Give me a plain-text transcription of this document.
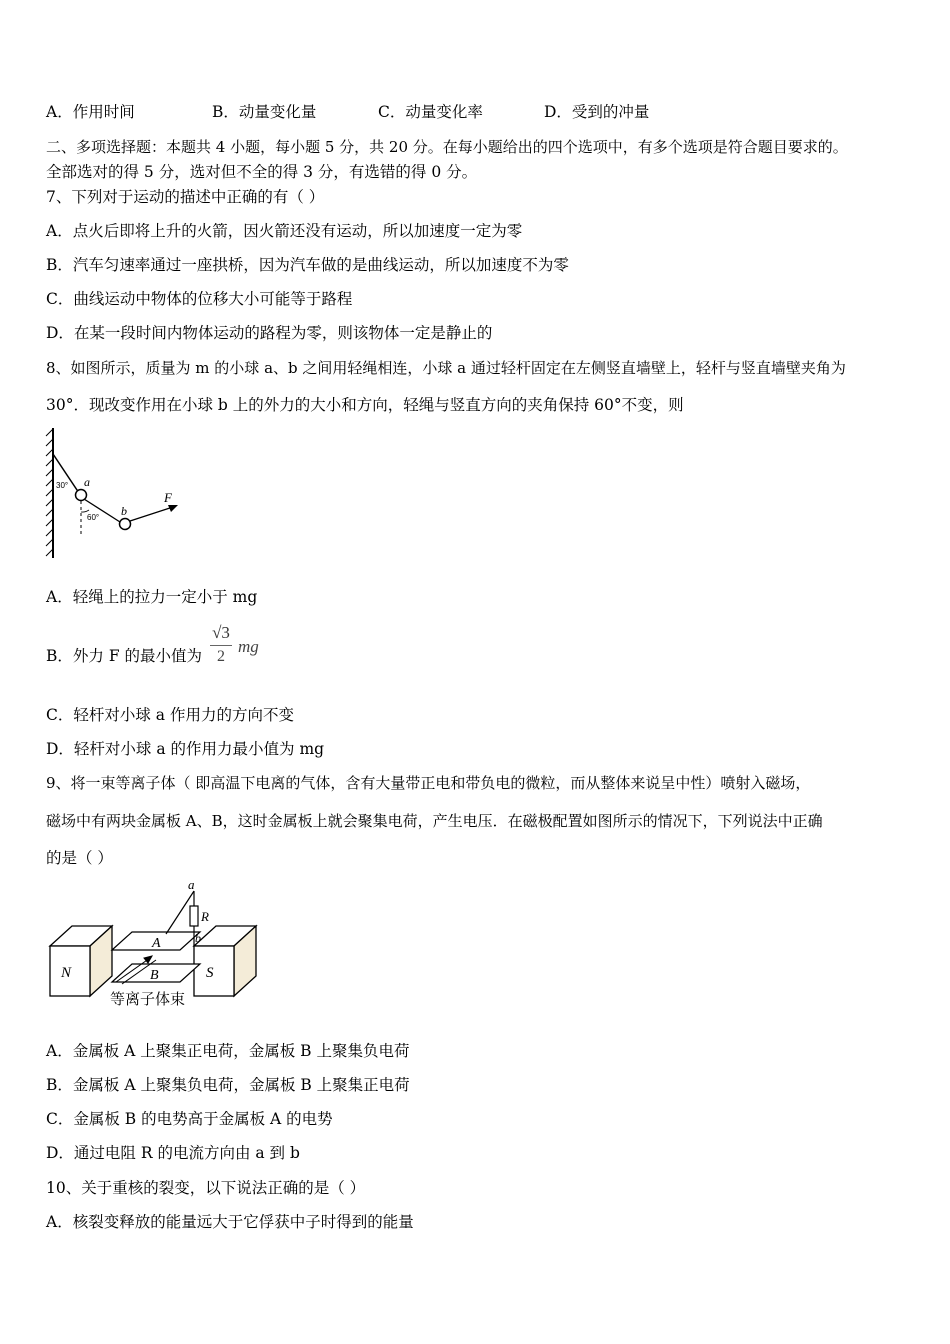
A．作用时间	B．动量变化量	C．动量变化率	D．受到的冲量
二、多项选择题：本题共 4 小题，每小题 5 分，共 20 分。在每小题给出的四个选项中，有多个选项是符合题目要求的。
全部选对的得 5 分，选对但不全的得 3 分，有选错的得 0 分。
7、下列对于运动的描述中正确的有（ ）
A．点火后即将上升的火箭，因火箭还没有运动，所以加速度一定为零
B．汽车匀速率通过一座拱桥，因为汽车做的是曲线运动，所以加速度不为零
C．曲线运动中物体的位移大小可能等于路程
D．在某一段时间内物体运动的路程为零，则该物体一定是静止的
8、如图所示，质量为 m 的小球 a、b 之间用轻绳相连，小球 a 通过轻杆固定在左侧竖直墙壁上，轻杆与竖直墙壁夹角为
30°．现改变作用在小球 b 上的外力的大小和方向，轻绳与竖直方向的夹角保持 60°不变，则
30°
60°
a
b
F
A．轻绳上的拉力一定小于 mg
B．外力 F 的最小值为
√3
2
mg
C．轻杆对小球 a 作用力的方向不变
D．轻杆对小球 a 的作用力最小值为 mg
9、将一束等离子体（ 即高温下电离的气体，含有大量带正电和带负电的微粒，而从整体来说呈中性）喷射入磁场，
磁场中有两块金属板 A、B，这时金属板上就会聚集电荷，产生电压．在磁极配置如图所示的情况下，下列说法中正确
的是（ ）
R
a
b
N	S
A
B
等离子体束
A．金属板 A 上聚集正电荷，金属板 B 上聚集负电荷
B．金属板 A 上聚集负电荷，金属板 B 上聚集正电荷
C．金属板 B 的电势高于金属板 A 的电势
D．通过电阻 R 的电流方向由 a 到 b
10、关于重核的裂变，以下说法正确的是（ ）
A．核裂变释放的能量远大于它俘获中子时得到的能量
